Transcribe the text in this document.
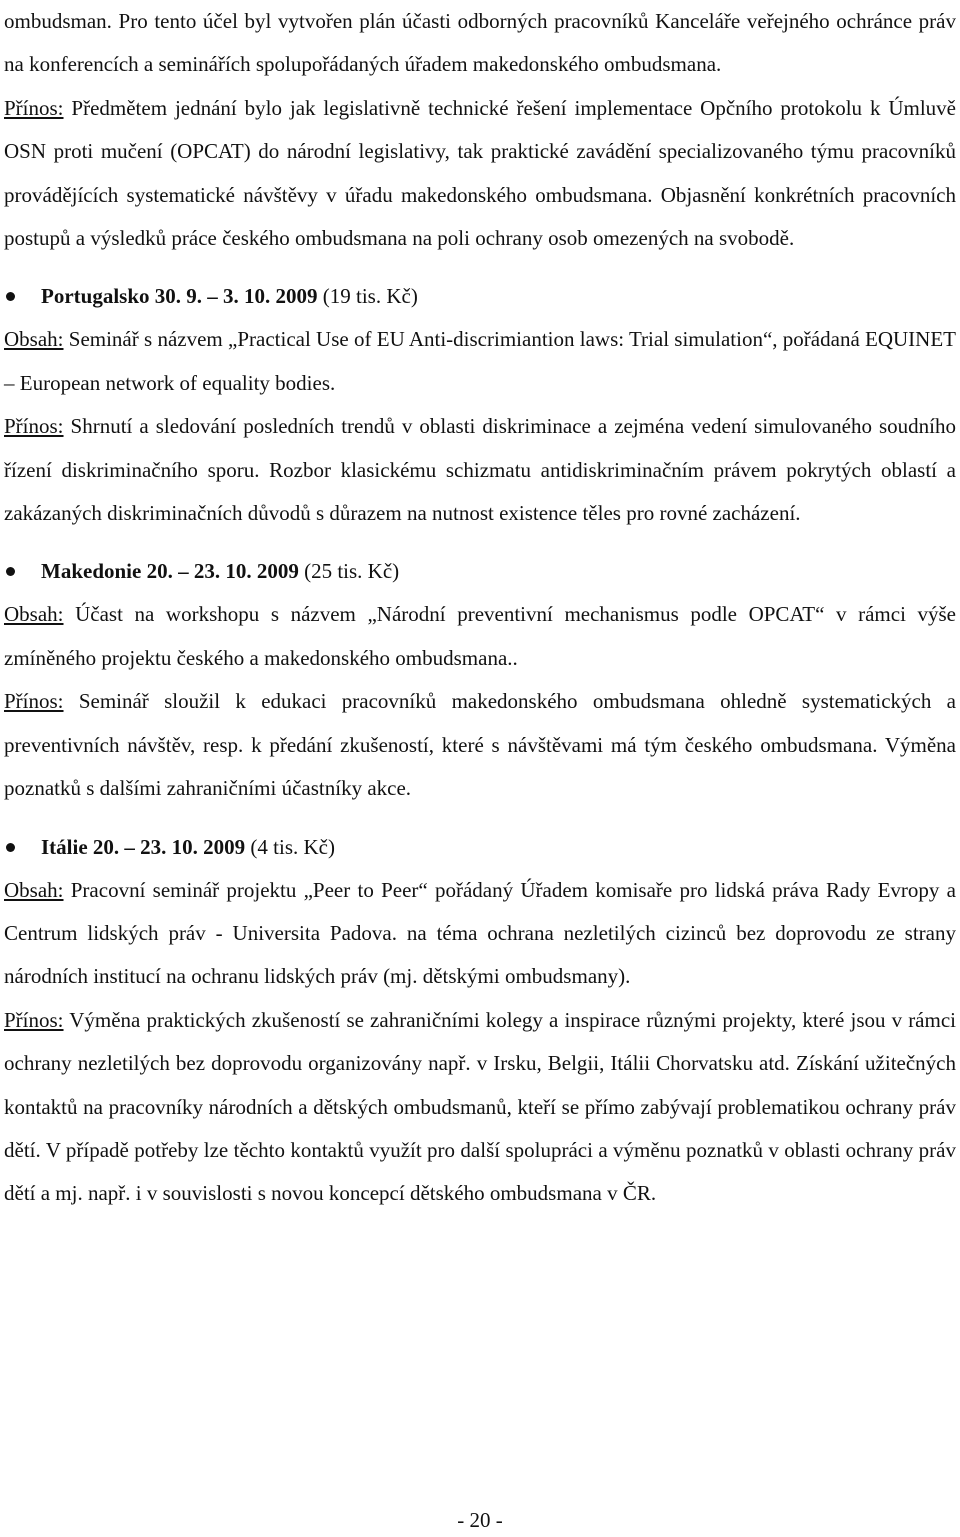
ombudsman. Pro tento účel byl vytvořen plán účasti odborných pracovníků Kanceláře veřejného ochránce práv na konferencích a seminářích spolupořádaných úřadem makedonského ombudsmana.

Přínos: Předmětem jednání bylo jak legislativně technické řešení implementace Opčního protokolu k Úmluvě OSN proti mučení (OPCAT) do národní legislativy, tak praktické zavádění specializovaného týmu pracovníků provádějících systematické návštěvy v úřadu makedonského ombudsmana. Objasnění konkrétních pracovních postupů a výsledků práce českého ombudsmana na poli ochrany osob omezených na svobodě.

Portugalsko 30. 9. – 3. 10. 2009 (19 tis. Kč)

Obsah: Seminář s názvem „Practical Use of EU Anti-discrimiantion laws: Trial simulation“, pořádaná EQUINET – European network of equality bodies.

Přínos: Shrnutí a sledování posledních trendů v oblasti diskriminace a zejména vedení simulovaného soudního řízení diskriminačního sporu. Rozbor klasickému schizmatu antidiskriminačním právem pokrytých oblastí a zakázaných diskriminačních důvodů s důrazem na nutnost existence těles pro rovné zacházení.

Makedonie 20. – 23. 10. 2009 (25 tis. Kč)

Obsah: Účast na workshopu s názvem „Národní preventivní mechanismus podle OPCAT“ v rámci výše zmíněného projektu českého a makedonského ombudsmana..

Přínos: Seminář sloužil k edukaci pracovníků makedonského ombudsmana ohledně systematických a preventivních návštěv, resp. k předání zkušeností, které s návštěvami má tým českého ombudsmana. Výměna poznatků s dalšími zahraničními účastníky akce.

Itálie 20. – 23. 10. 2009 (4 tis. Kč)

Obsah: Pracovní seminář projektu „Peer to Peer“ pořádaný Úřadem komisaře pro lidská práva Rady Evropy a Centrum lidských práv - Universita Padova. na téma ochrana nezletilých cizinců bez doprovodu ze strany národních institucí na ochranu lidských práv (mj. dětskými ombudsmany).

Přínos: Výměna praktických zkušeností se zahraničními kolegy a inspirace různými projekty, které jsou v rámci ochrany nezletilých bez doprovodu organizovány např. v Irsku, Belgii, Itálii Chorvatsku atd. Získání užitečných kontaktů na pracovníky národních a dětských ombudsmanů, kteří se přímo zabývají problematikou ochrany práv dětí. V případě potřeby lze těchto kontaktů využít pro další spolupráci a výměnu poznatků v oblasti ochrany práv dětí a mj. např. i v souvislosti s novou koncepcí dětského ombudsmana v ČR.

- 20 -
